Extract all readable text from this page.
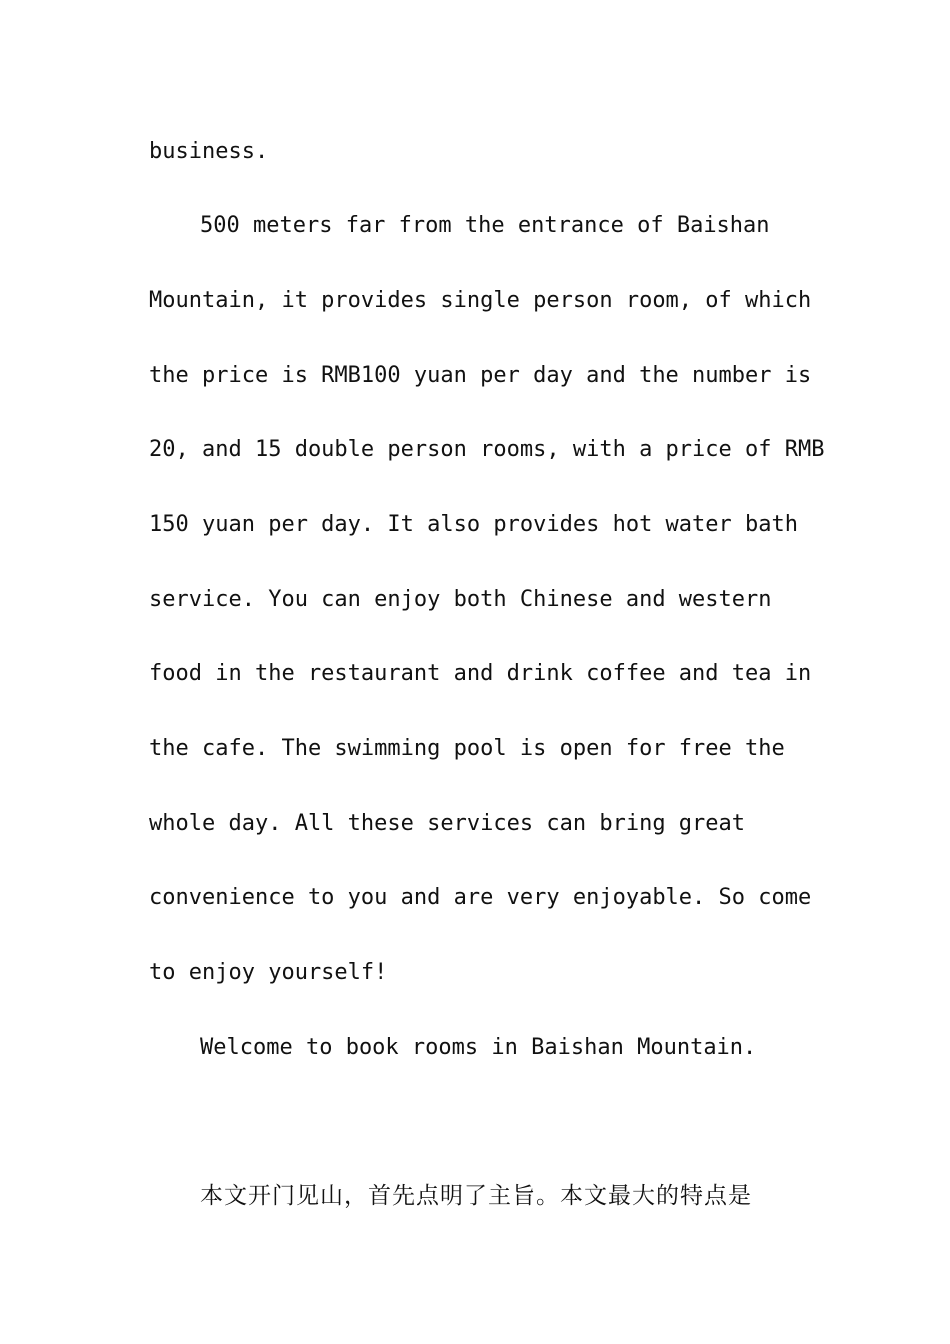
business.

500 meters far from the entrance of Baishan

Mountain, it provides single person room, of which

the price is RMB100 yuan per day and the number is

20, and 15 double person rooms, with a price of RMB

150 yuan per day. It also provides hot water bath

service. You can enjoy both Chinese and western

food in the restaurant and drink coffee and tea in

the cafe. The swimming pool is open for free the

whole day. All these services can bring great

convenience to you and are very enjoyable. So come

to enjoy yourself!

Welcome to book rooms in Baishan Mountain.

本文开门见山，首先点明了主旨。本文最大的特点是
